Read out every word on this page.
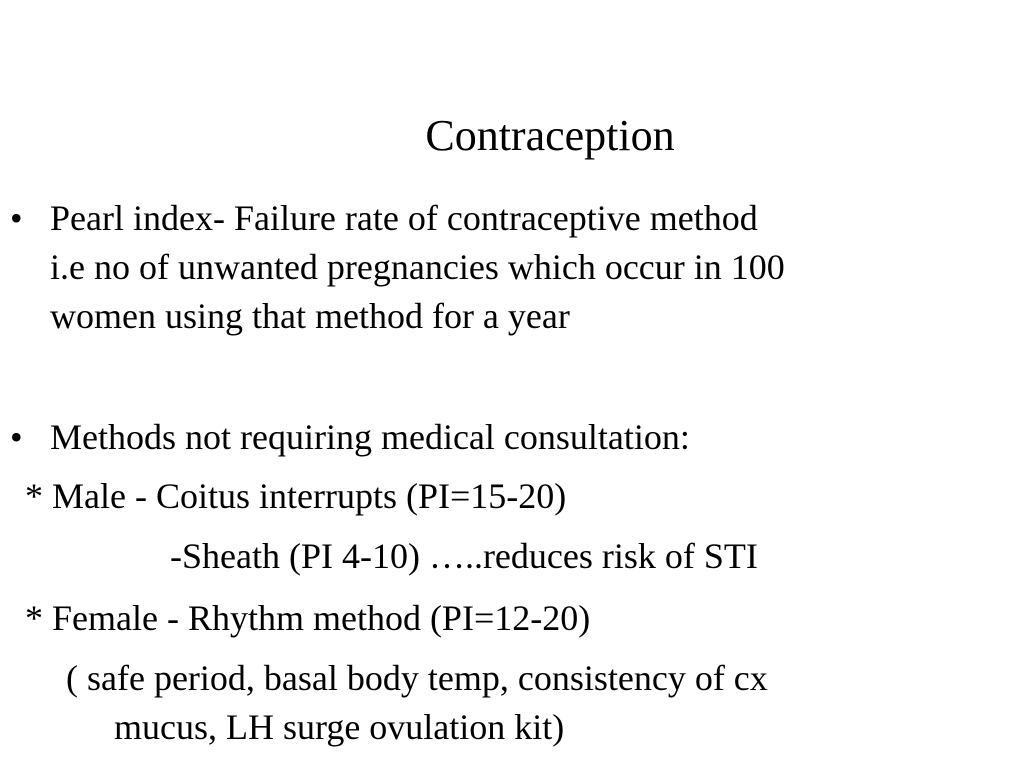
Contraception
• Pearl index- Failure rate of contraceptive method
i.e no of unwanted pregnancies which occur in 100
women using that method for a year
• Methods not requiring medical consultation:
* Male - Coitus interrupts (PI=15-20)
-Sheath (PI 4-10) …..reduces risk of STI
* Female - Rhythm method (PI=12-20)
( safe period, basal body temp, consistency of cx
mucus, LH surge ovulation kit)
